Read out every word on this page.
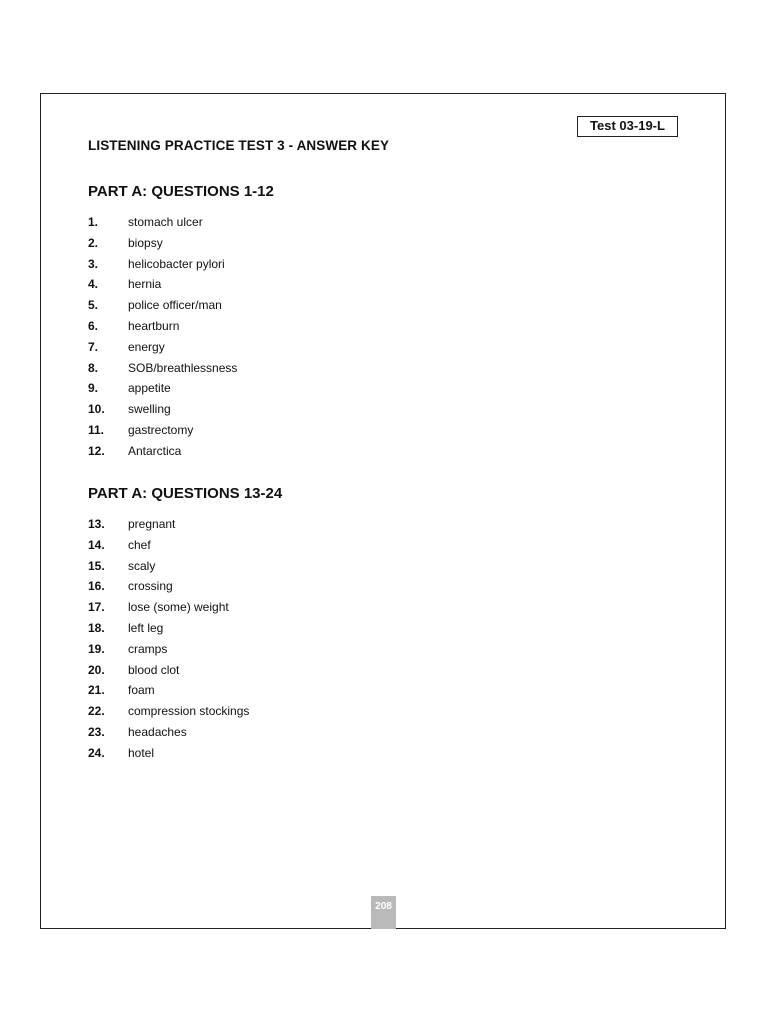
Test 03-19-L
LISTENING PRACTICE TEST 3 - ANSWER KEY
PART A: QUESTIONS 1-12
1. stomach ulcer
2. biopsy
3. helicobacter pylori
4. hernia
5. police officer/man
6. heartburn
7. energy
8. SOB/breathlessness
9. appetite
10. swelling
11. gastrectomy
12. Antarctica
PART A: QUESTIONS 13-24
13. pregnant
14. chef
15. scaly
16. crossing
17. lose (some) weight
18. left leg
19. cramps
20. blood clot
21. foam
22. compression stockings
23. headaches
24. hotel
208
